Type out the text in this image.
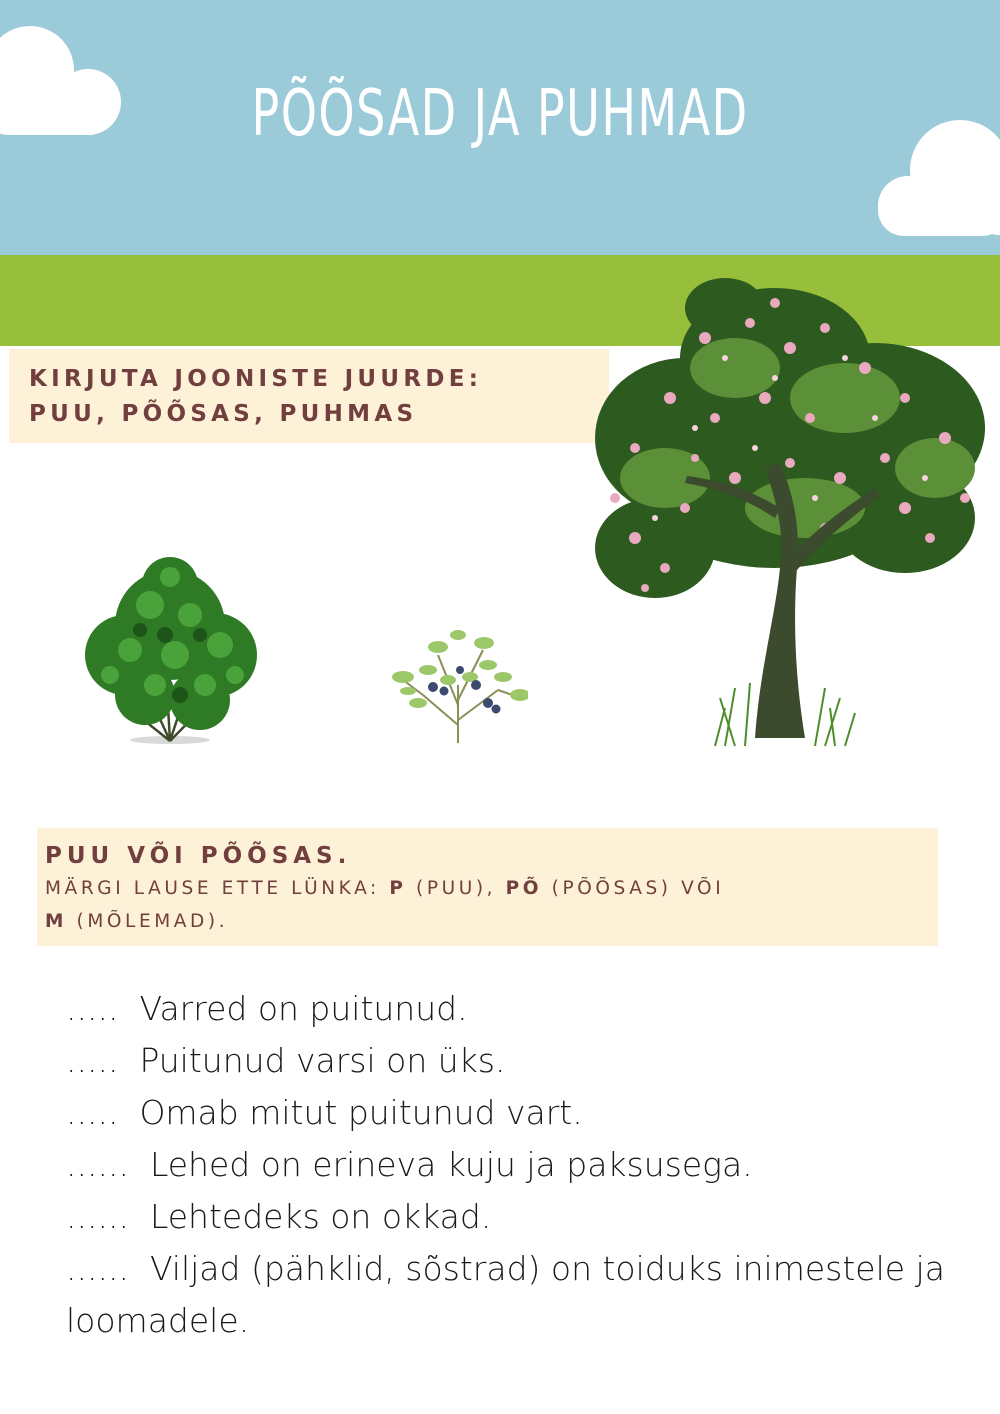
PÕÕSAD JA PUHMAD
KIRJUTA JOONISTE JUURDE:
PUU, PÕÕSAS, PUHMAS
PUU VÕI PÕÕSAS.
MÄRGI LAUSE ETTE LÜNKA: P (PUU), PÕ (PÕÕSAS) VÕI
M (MÕLEMAD).
..... Varred on puitunud.
..... Puitunud varsi on üks.
..... Omab mitut puitunud vart.
...... Lehed on erineva kuju ja paksusega.
...... Lehtedeks on okkad.
...... Viljad (pähklid, sõstrad) on toiduks inimestele ja
loomadele.
